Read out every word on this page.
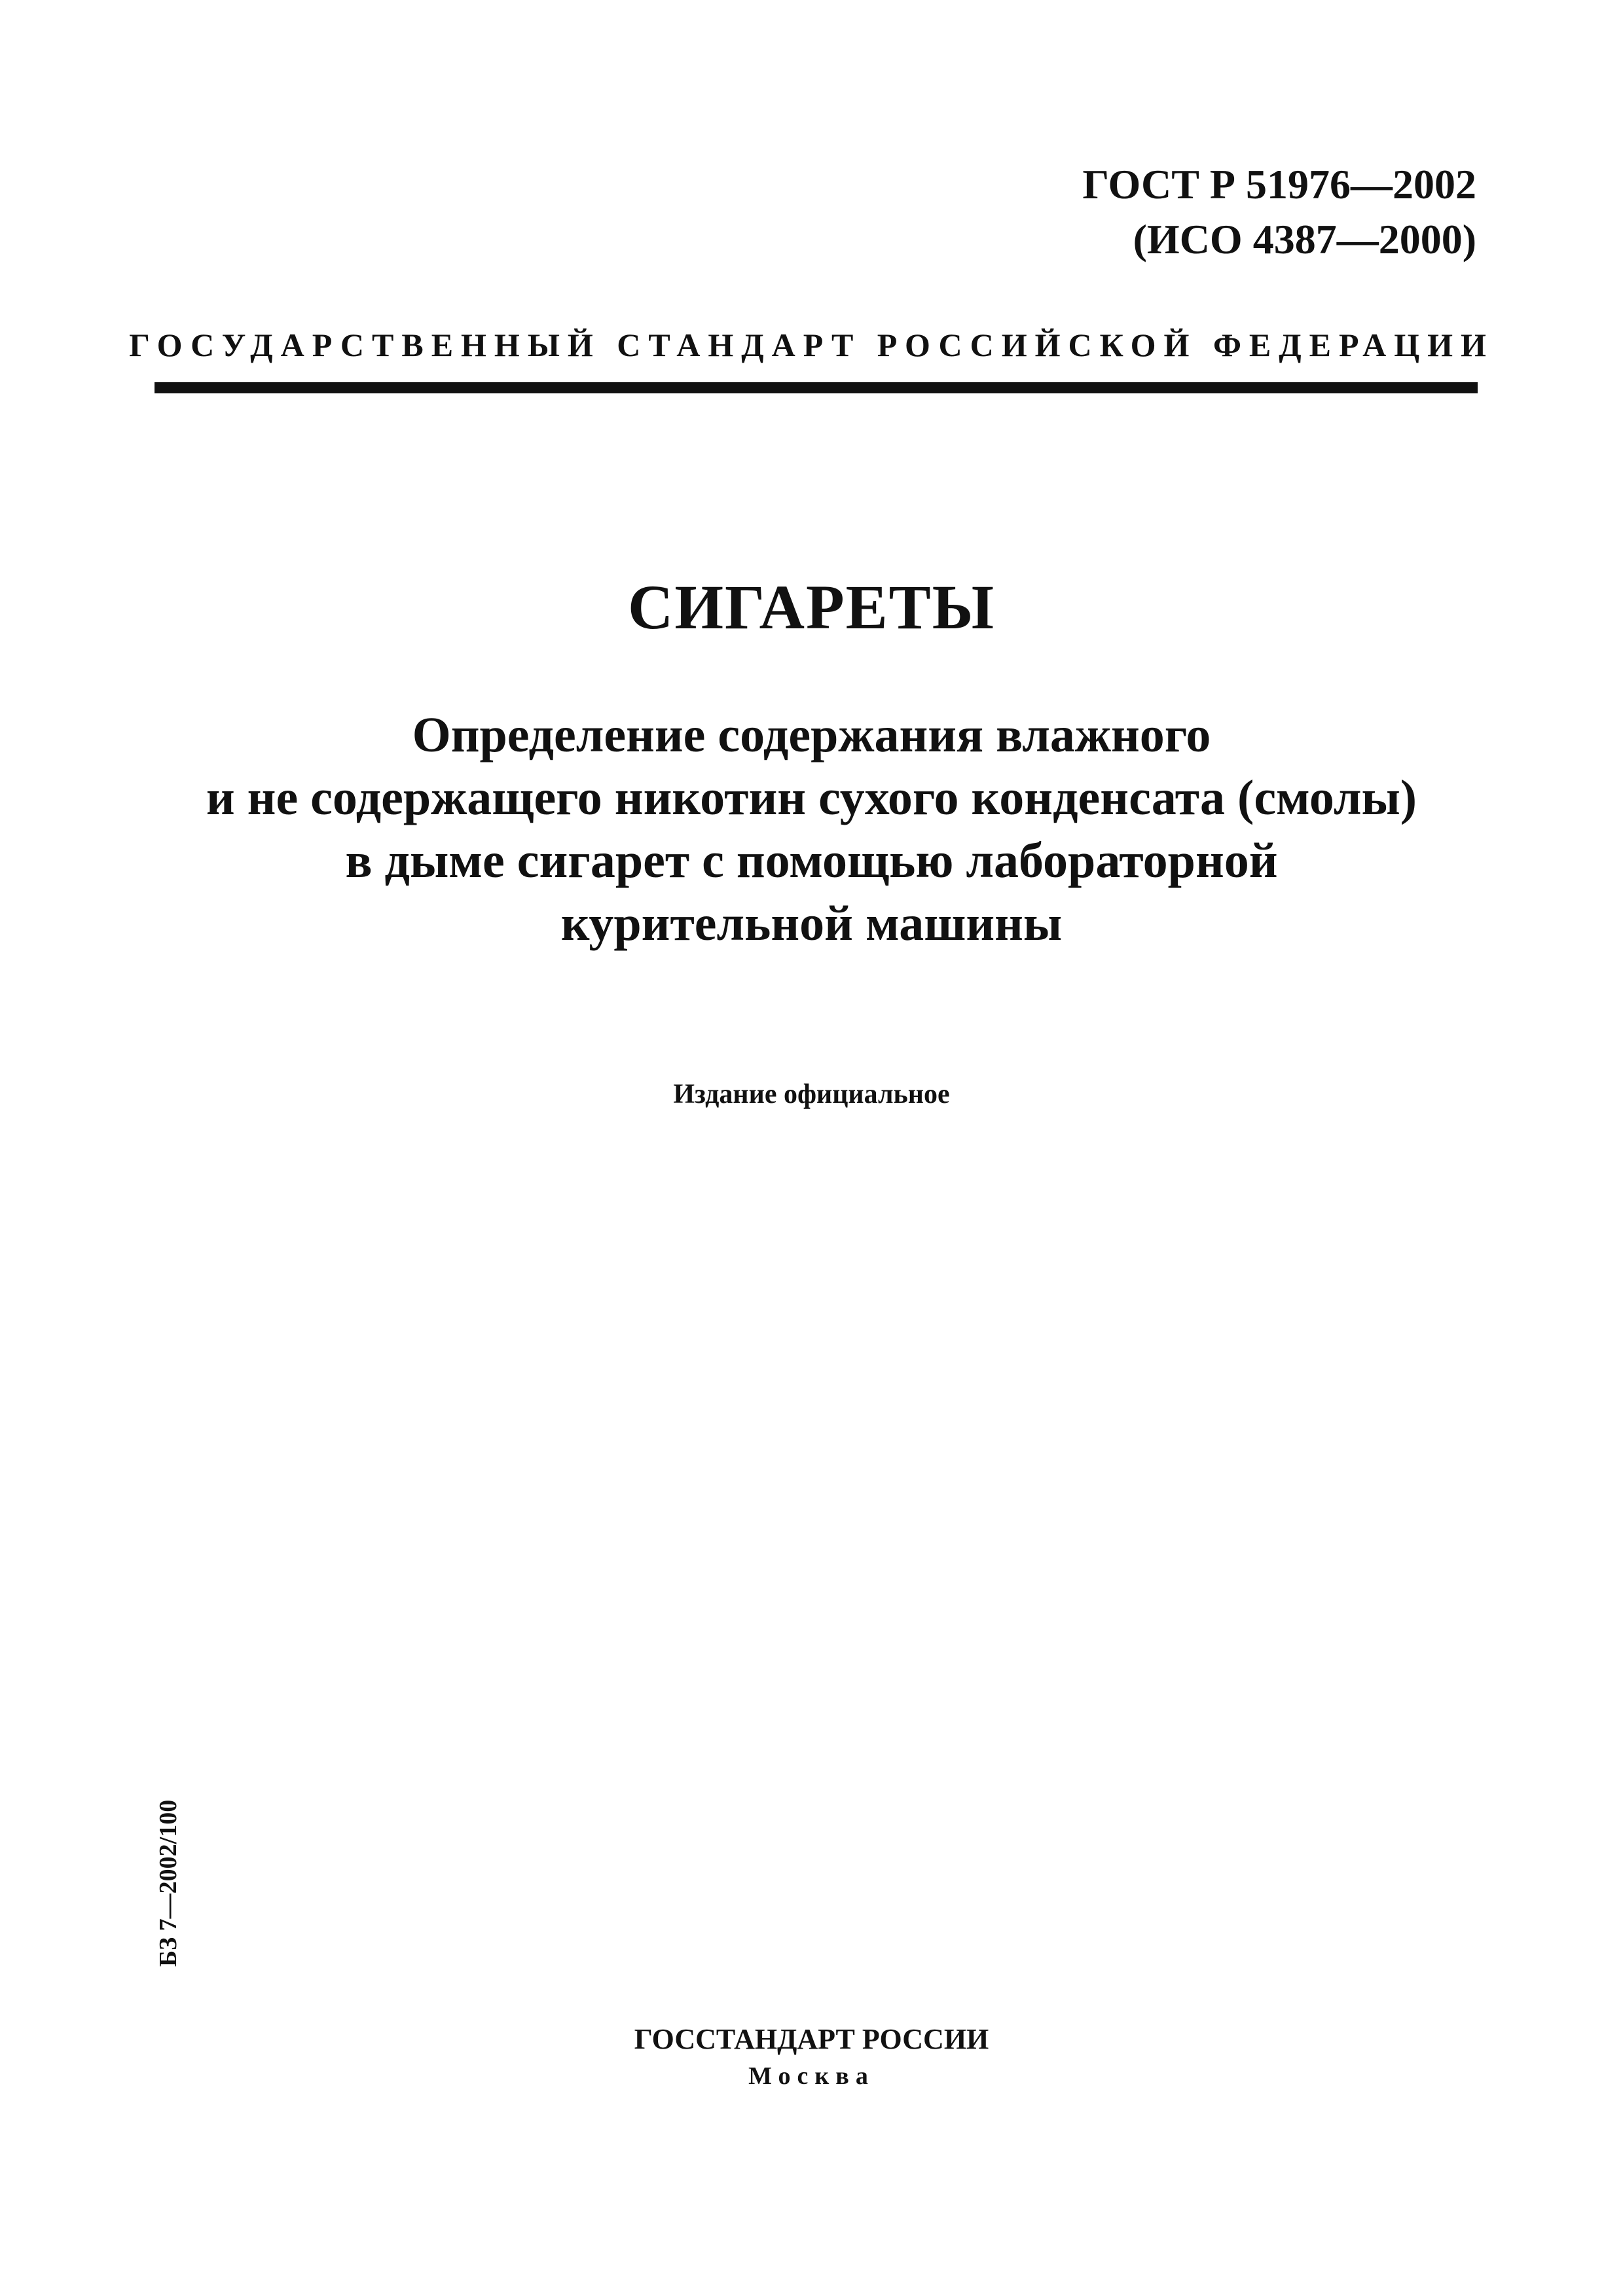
ГОСТ Р 51976—2002
(ИСО 4387—2000)
ГОСУДАРСТВЕННЫЙ СТАНДАРТ РОССИЙСКОЙ ФЕДЕРАЦИИ
СИГАРЕТЫ
Определение содержания влажного
и не содержащего никотин сухого конденсата (смолы)
в дыме сигарет с помощью лабораторной
курительной машины
Издание официальное
БЗ 7—2002/100
ГОССТАНДАРТ РОССИИ
Москва
